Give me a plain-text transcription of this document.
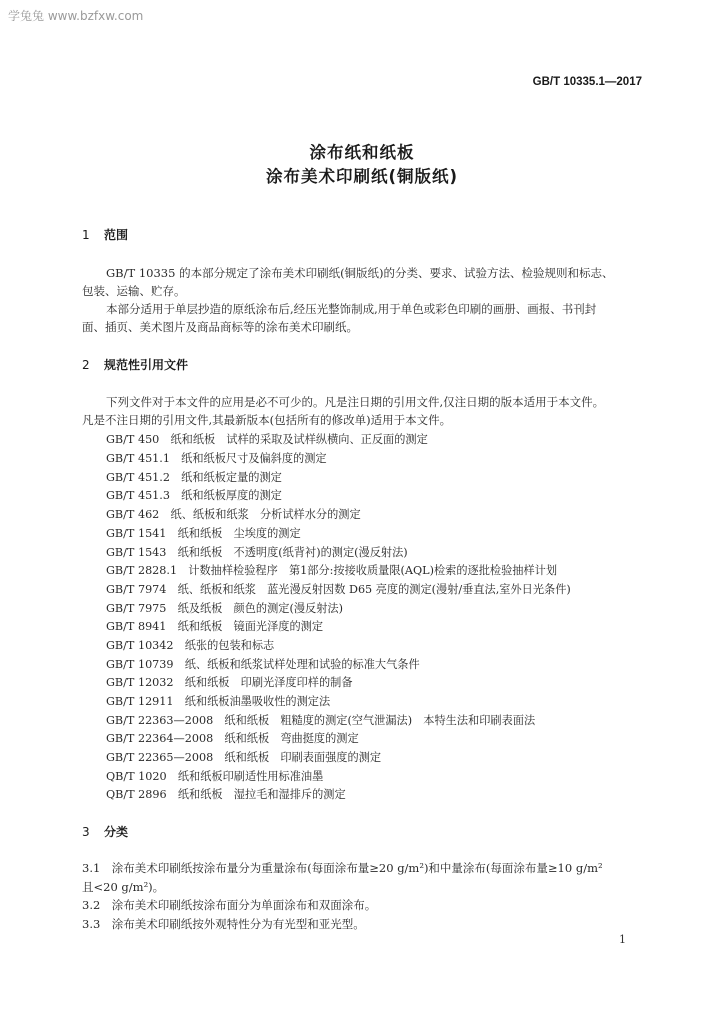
学兔兔 www.bzfxw.com
GB/T 10335.1—2017
涂布纸和纸板
涂布美术印刷纸(铜版纸)
1 范围
GB/T 10335 的本部分规定了涂布美术印刷纸(铜版纸)的分类、要求、试验方法、检验规则和标志、
包装、运输、贮存。
本部分适用于单层抄造的原纸涂布后,经压光整饰制成,用于单色或彩色印刷的画册、画报、书刊封
面、插页、美术图片及商品商标等的涂布美术印刷纸。
2 规范性引用文件
下列文件对于本文件的应用是必不可少的。凡是注日期的引用文件,仅注日期的版本适用于本文件。
凡是不注日期的引用文件,其最新版本(包括所有的修改单)适用于本文件。
GB/T 450　纸和纸板　试样的采取及试样纵横向、正反面的测定
GB/T 451.1　纸和纸板尺寸及偏斜度的测定
GB/T 451.2　纸和纸板定量的测定
GB/T 451.3　纸和纸板厚度的测定
GB/T 462　纸、纸板和纸浆　分析试样水分的测定
GB/T 1541　纸和纸板　尘埃度的测定
GB/T 1543　纸和纸板　不透明度(纸背衬)的测定(漫反射法)
GB/T 2828.1　计数抽样检验程序　第1部分:按接收质量限(AQL)检索的逐批检验抽样计划
GB/T 7974　纸、纸板和纸浆　蓝光漫反射因数 D65 亮度的测定(漫射/垂直法,室外日光条件)
GB/T 7975　纸及纸板　颜色的测定(漫反射法)
GB/T 8941　纸和纸板　镜面光泽度的测定
GB/T 10342　纸张的包装和标志
GB/T 10739　纸、纸板和纸浆试样处理和试验的标准大气条件
GB/T 12032　纸和纸板　印刷光泽度印样的制备
GB/T 12911　纸和纸板油墨吸收性的测定法
GB/T 22363—2008　纸和纸板　粗糙度的测定(空气泄漏法)　本特生法和印刷表面法
GB/T 22364—2008　纸和纸板　弯曲挺度的测定
GB/T 22365—2008　纸和纸板　印刷表面强度的测定
QB/T 1020　纸和纸板印刷适性用标准油墨
QB/T 2896　纸和纸板　湿拉毛和湿排斥的测定
3 分类
3.1　涂布美术印刷纸按涂布量分为重量涂布(每面涂布量≥20 g/m²)和中量涂布(每面涂布量≥10 g/m²
且<20 g/m²)。
3.2　涂布美术印刷纸按涂布面分为单面涂布和双面涂布。
3.3　涂布美术印刷纸按外观特性分为有光型和亚光型。
1
